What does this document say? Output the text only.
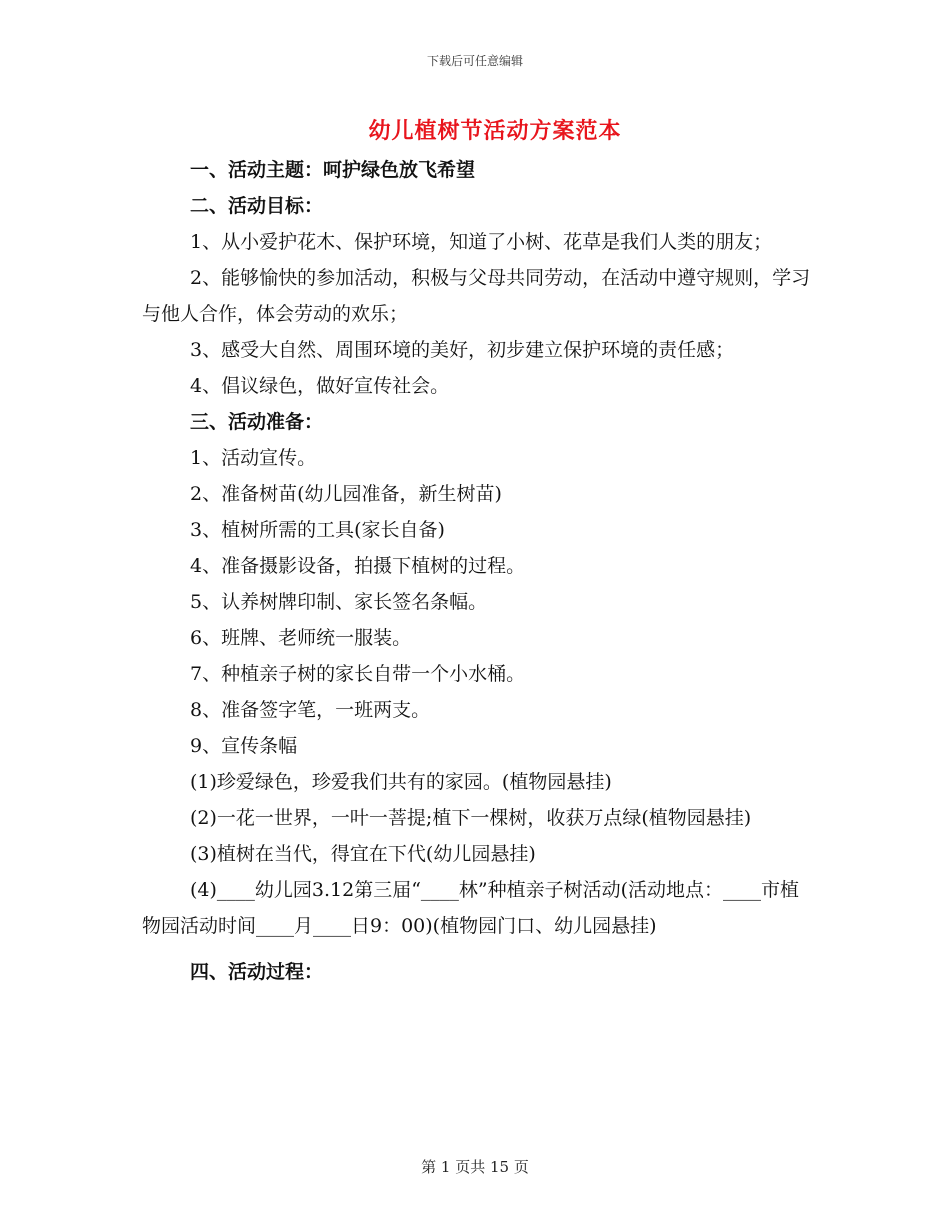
下载后可任意编辑
幼儿植树节活动方案范本

一、活动主题：呵护绿色放飞希望

二、活动目标：

1、从小爱护花木、保护环境，知道了小树、花草是我们人类的朋友；

2、能够愉快的参加活动，积极与父母共同劳动，在活动中遵守规则，学习与他人合作，体会劳动的欢乐；

3、感受大自然、周围环境的美好，初步建立保护环境的责任感；

4、倡议绿色，做好宣传社会。

三、活动准备：

1、活动宣传。

2、准备树苗(幼儿园准备，新生树苗)

3、植树所需的工具(家长自备)

4、准备摄影设备，拍摄下植树的过程。

5、认养树牌印制、家长签名条幅。

6、班牌、老师统一服装。

7、种植亲子树的家长自带一个小水桶。

8、准备签字笔，一班两支。

9、宣传条幅

(1)珍爱绿色，珍爱我们共有的家园。(植物园悬挂)

(2)一花一世界，一叶一菩提;植下一棵树，收获万点绿(植物园悬挂)

(3)植树在当代，得宜在下代(幼儿园悬挂)

(4)____幼儿园3.12第三届“____林”种植亲子树活动(活动地点：____市植物园活动时间____月____日9：00)(植物园门口、幼儿园悬挂)

四、活动过程：

第 1 页共 15 页
